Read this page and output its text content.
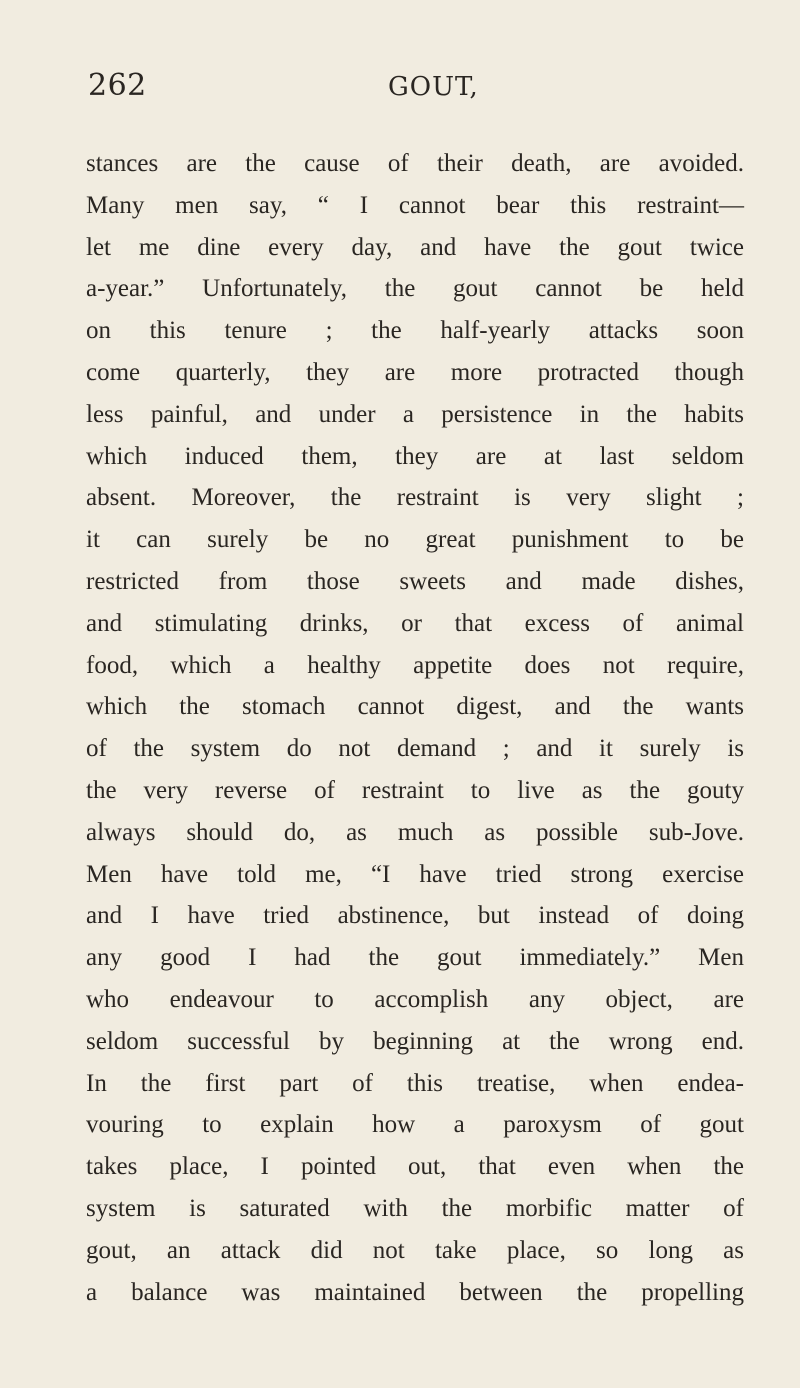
262	GOUT,
stances are the cause of their death, are avoided.
Many men say, “ I cannot bear this restraint—
let me dine every day, and have the gout twice
a-year.” Unfortunately, the gout cannot be held
on this tenure ; the half-yearly attacks soon
come quarterly, they are more protracted though
less painful, and under a persistence in the habits
which induced them, they are at last seldom
absent. Moreover, the restraint is very slight ;
it can surely be no great punishment to be
restricted from those sweets and made dishes,
and stimulating drinks, or that excess of animal
food, which a healthy appetite does not require,
which the stomach cannot digest, and the wants
of the system do not demand ; and it surely is
the very reverse of restraint to live as the gouty
always should do, as much as possible sub-Jove.
Men have told me, “I have tried strong exercise
and I have tried abstinence, but instead of doing
any good I had the gout immediately.” Men
who endeavour to accomplish any object, are
seldom successful by beginning at the wrong end.
In the first part of this treatise, when endea-
vouring to explain how a paroxysm of gout
takes place, I pointed out, that even when the
system is saturated with the morbific matter of
gout, an attack did not take place, so long as
a balance was maintained between the propelling
